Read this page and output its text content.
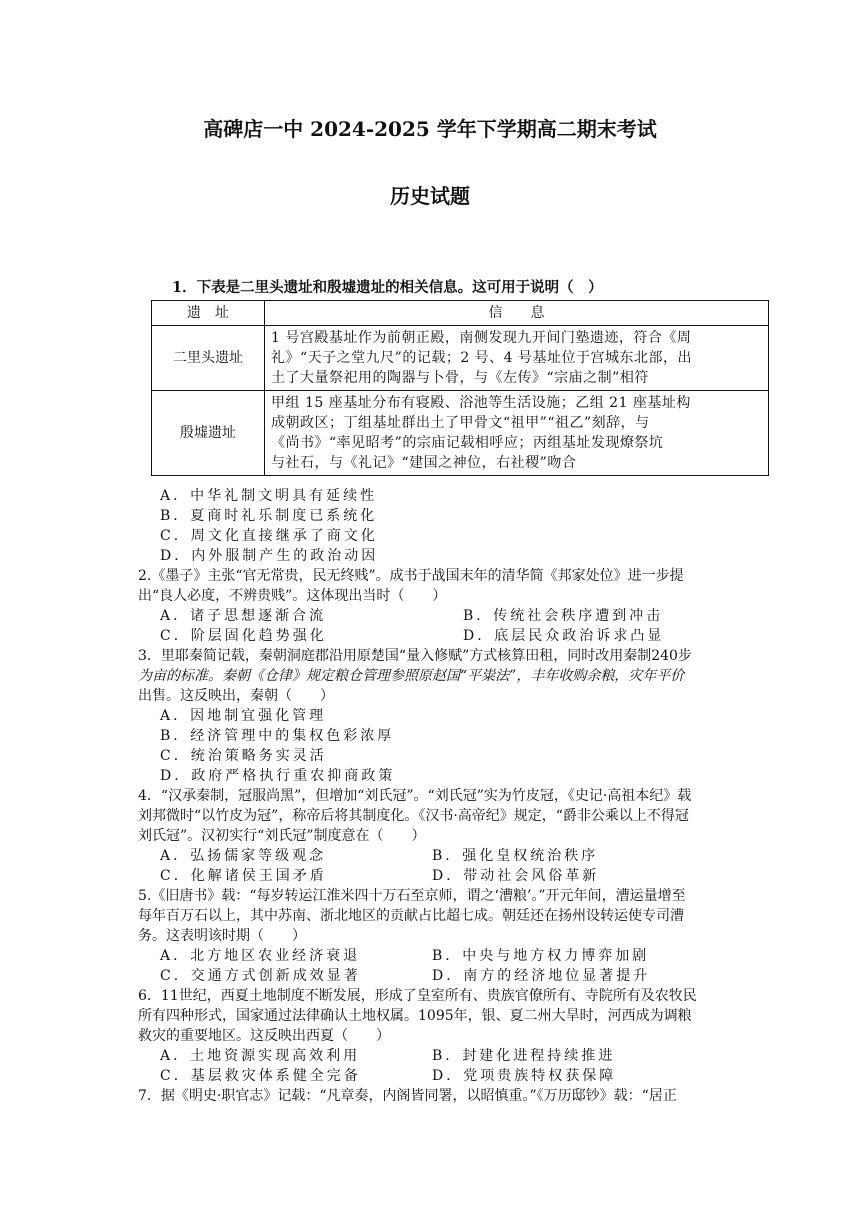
高碑店一中 2024-2025 学年下学期高二期末考试
历史试题
1．下表是二里头遗址和殷墟遗址的相关信息。这可用于说明（　）
遗　址	信　　息
二里头遗址	1 号宫殿基址作为前朝正殿，南侧发现九开间门塾遗迹，符合《周
礼》“天子之堂九尺”的记载；2 号、4 号基址位于宫城东北部，出
土了大量祭祀用的陶器与卜骨，与《左传》“宗庙之制”相符

殷墟遗址	甲组 15 座基址分布有寝殿、浴池等生活设施；乙组 21 座基址构
成朝政区；丁组基址群出土了甲骨文“祖甲”“祖乙”刻辞，与
《尚书》“率见昭考”的宗庙记载相呼应；丙组基址发现燎祭坑
与社石，与《礼记》“建国之神位，右社稷”吻合
A．中华礼制文明具有延续性
B．夏商时礼乐制度已系统化
C．周文化直接继承了商文化
D．内外服制产生的政治动因
2.《墨子》主张“官无常贵，民无终贱”。成书于战国末年的清华简《邦家处位》进一步提
出“良人必度，不辨贵贱”。这体现出当时（　　）
A．诸子思想逐渐合流	B．传统社会秩序遭到冲击
C．阶层固化趋势强化	D．底层民众政治诉求凸显
3．里耶秦简记载，秦朝洞庭郡沿用原楚国“量入修赋”方式核算田租，同时改用秦制240步
为亩的标准。秦朝《仓律》规定粮仓管理参照原赵国“平粜法”，丰年收购余粮，灾年平价
出售。这反映出，秦朝（　　）
A．因地制宜强化管理
B．经济管理中的集权色彩浓厚
C．统治策略务实灵活
D．政府严格执行重农抑商政策
4．“汉承秦制，冠服尚黑”，但增加“刘氏冠”。“刘氏冠”实为竹皮冠，《史记·高祖本纪》载
刘邦微时“以竹皮为冠”，称帝后将其制度化。《汉书·高帝纪》规定，“爵非公乘以上不得冠
刘氏冠”。汉初实行“刘氏冠”制度意在（　　）
A．弘扬儒家等级观念	B．强化皇权统治秩序
C．化解诸侯王国矛盾	D．带动社会风俗革新
5.《旧唐书》载：“每岁转运江淮米四十万石至京师，谓之‘漕粮’。”开元年间，漕运量增至
每年百万石以上，其中苏南、浙北地区的贡献占比超七成。朝廷还在扬州设转运使专司漕
务。这表明该时期（　　）
A．北方地区农业经济衰退	B．中央与地方权力博弈加剧
C．交通方式创新成效显著	D．南方的经济地位显著提升
6．11世纪，西夏土地制度不断发展，形成了皇室所有、贵族官僚所有、寺院所有及农牧民
所有四种形式，国家通过法律确认土地权属。1095年，银、夏二州大旱时，河西成为调粮
救灾的重要地区。这反映出西夏（　　）
A．土地资源实现高效利用	B．封建化进程持续推进
C．基层救灾体系健全完备	D．党项贵族特权获保障
7．据《明史·职官志》记载：“凡章奏，内阁皆同署，以昭慎重。”《万历邸钞》载：“居正
